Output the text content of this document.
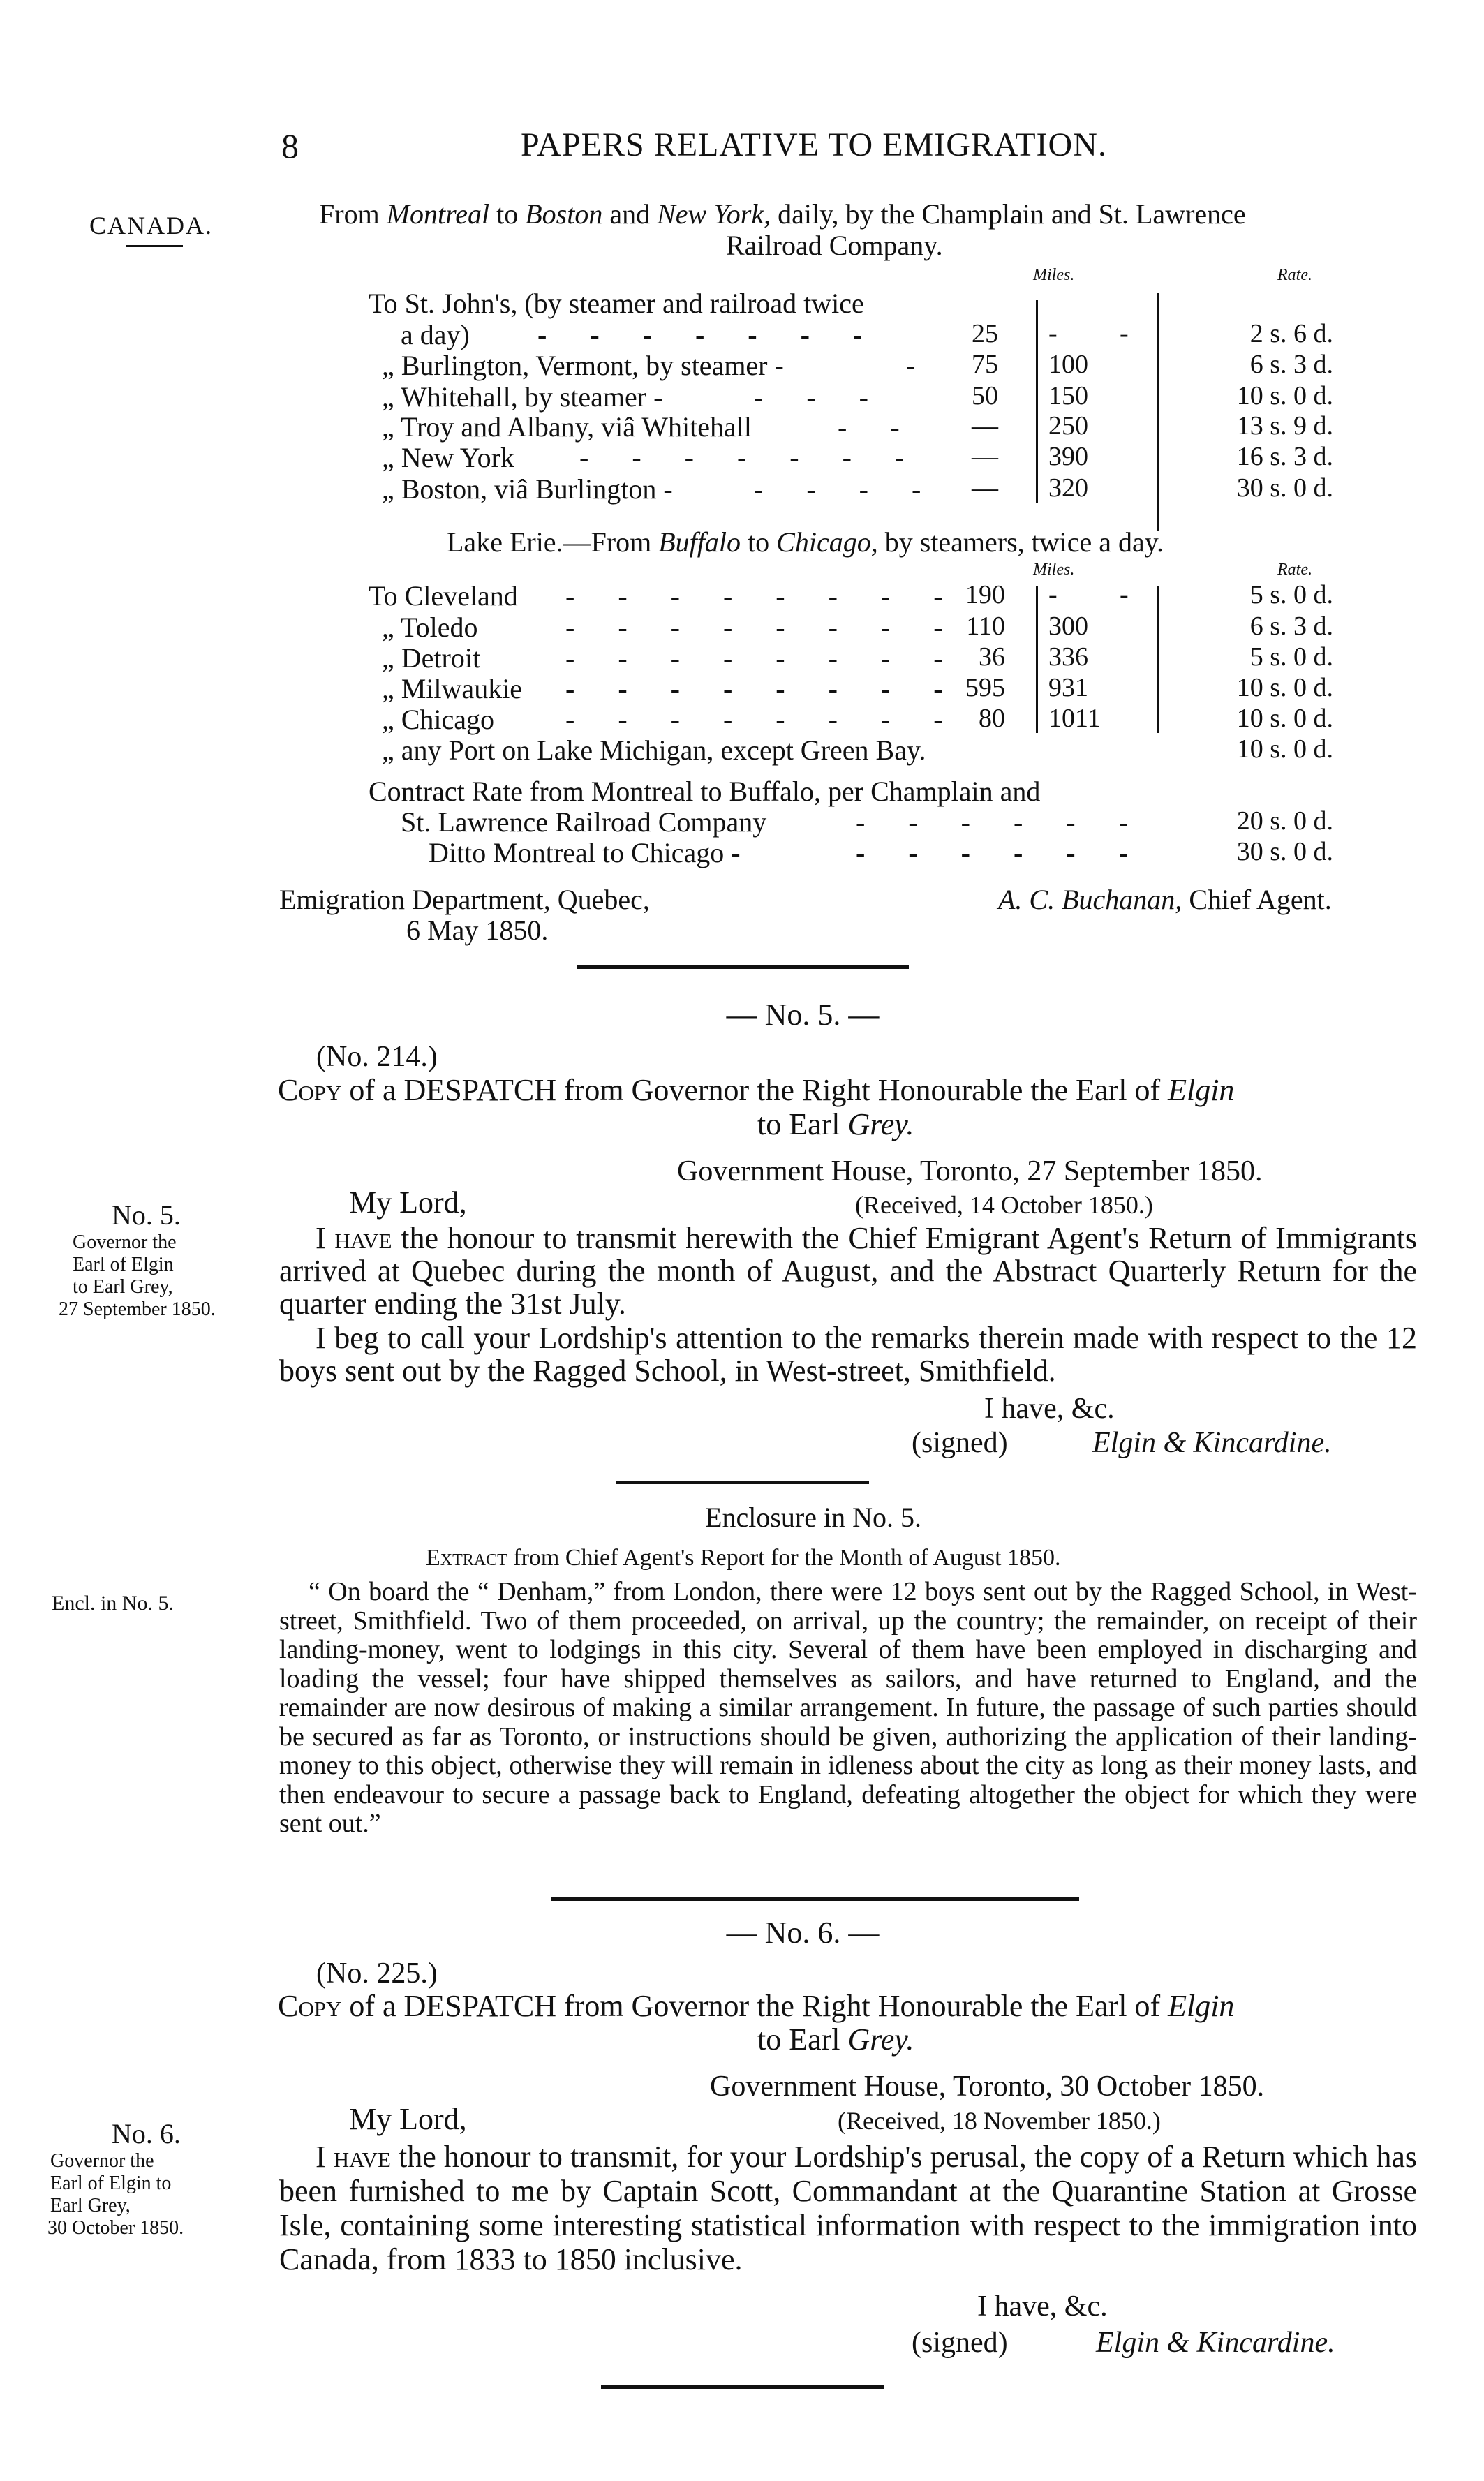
8	PAPERS RELATIVE TO EMIGRATION.
CANADA.	From Montreal to Boston and New York, daily, by the Champlain and St. Lawrence
Railroad Company.
Miles.	Rate.
To St. John's, (by steamer and railroad twice
a day) - - - - - - -	25 - -	2 s. 6 d.
„ Burlington, Vermont, by steamer -	-	75 100	6 s. 3 d.
„ Whitehall, by steamer -	- - -	50 150	10 s. 0 d.
„ Troy and Albany, viâ Whitehall	- -	— 250	13 s. 9 d.
„ New York - - - - - - -	— 390	16 s. 3 d.
„ Boston, viâ Burlington -	- - - -	— 320	30 s. 0 d.
Lake Erie.—From Buffalo to Chicago, by steamers, twice a day.
Miles.	Rate.
To Cleveland - - - - - - - - 190 - -	5 s. 0 d.
„ Toledo	- - - - - - - - 110 300	6 s. 3 d.
„ Detroit	- - - - - - - - 36 336	5 s. 0 d.
„ Milwaukie - - - - - - - - 595 931	10 s. 0 d.
„ Chicago	- - - - - - - - 80 1011	10 s. 0 d.
„ any Port on Lake Michigan, except Green Bay.	10 s. 0 d.
Contract Rate from Montreal to Buffalo, per Champlain and
St. Lawrence Railroad Company	- - - - - -	20 s. 0 d.
Ditto Montreal to Chicago -	- - - - - -	30 s. 0 d.
Emigration Department, Quebec,
6 May 1850.
A. C. Buchanan, Chief Agent.
— No. 5. —
(No. 214.)
Copy of a DESPATCH from Governor the Right Honourable the Earl of Elgin
to Earl Grey.
Government House, Toronto, 27 September 1850.
(Received, 14 October 1850.)
My Lord,
No. 5.
Governor the
Earl of Elgin
to Earl Grey,
27 September 1850.
I have the honour to transmit herewith the Chief Emigrant Agent's Return of Immigrants arrived at Quebec during the month of August, and the Abstract Quarterly Return for the quarter ending the 31st July.
I beg to call your Lordship's attention to the remarks therein made with respect to the 12 boys sent out by the Ragged School, in West-street, Smithfield.
I have, &c.
(signed)	Elgin & Kincardine.
Enclosure in No. 5.
Extract from Chief Agent's Report for the Month of August 1850.
Encl. in No. 5.	“ On board the “ Denham,” from London, there were 12 boys sent out by the Ragged School, in West-street, Smithfield. Two of them proceeded, on arrival, up the country; the remainder, on receipt of their landing-money, went to lodgings in this city. Several of them have been employed in discharging and loading the vessel; four have shipped themselves as sailors, and have returned to England, and the remainder are now desirous of making a similar arrangement. In future, the passage of such parties should be secured as far as Toronto, or instructions should be given, authorizing the application of their landing-money to this object, otherwise they will remain in idleness about the city as long as their money lasts, and then endeavour to secure a passage back to England, defeating altogether the object for which they were sent out.”
— No. 6. —
(No. 225.)
Copy of a DESPATCH from Governor the Right Honourable the Earl of Elgin
to Earl Grey.
Government House, Toronto, 30 October 1850.
(Received, 18 November 1850.)
My Lord,
No. 6.
Governor the
Earl of Elgin to
Earl Grey,
30 October 1850.
I have the honour to transmit, for your Lordship's perusal, the copy of a Return which has been furnished to me by Captain Scott, Commandant at the Quarantine Station at Grosse Isle, containing some interesting statistical information with respect to the immigration into Canada, from 1833 to 1850 inclusive.
I have, &c.
(signed)	Elgin & Kincardine.
